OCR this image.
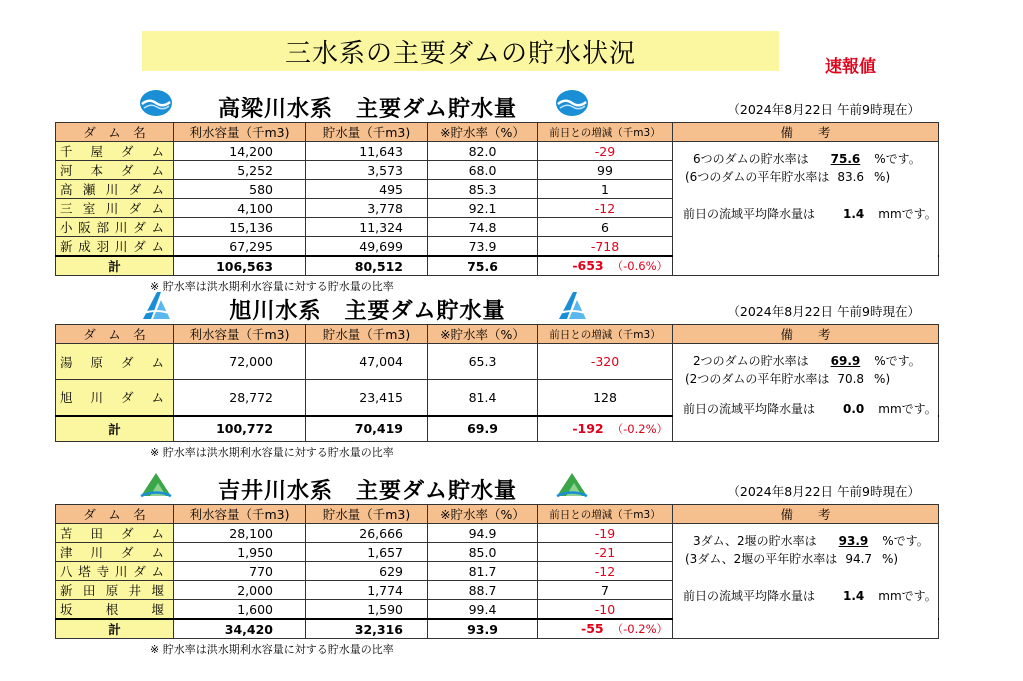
三水系の主要ダムの貯水状況	速報値
高梁川水系　主要ダム貯水量	（2024年8月22日 午前9時現在）
ダ　ム　名	利水容量（千m3)	貯水量（千m3)	※貯水率（%）	前日との増減（千m3）	備　　考	
千屋ダム	14,200	11,643	82.0	-29	6つのダムの貯水率は 75.6 %です。
(6つのダムの平年貯水率は 83.6 %)
前日の流域平均降水量は 1.4 mmです。	

河本ダム	5,252	3,573	68.0	99		
高瀬川ダム	580	495	85.3	1		
三室川ダム	4,100	3,778	92.1	-12		
小阪部川ダム	15,136	11,324	74.8	6		
新成羽川ダム	67,295	49,699	73.9	-718		
計	106,563	80,512	75.6	-653 （-0.6%）		
※ 貯水率は洪水期利水容量に対する貯水量の比率
旭川水系　主要ダム貯水量	（2024年8月22日 午前9時現在）
ダ　ム　名	利水容量（千m3)	貯水量（千m3)	※貯水率（%）	前日との増減（千m3）	備　　考	
湯原ダム	72,000	47,004	65.3	-320	2つのダムの貯水率は 69.9 %です。
(2つのダムの平年貯水率は 70.8 %)
前日の流域平均降水量は 0.0 mmです。	

旭川ダム	28,772	23,415	81.4	128		
計	100,772	70,419	69.9	-192 （-0.2%）		
※ 貯水率は洪水期利水容量に対する貯水量の比率
吉井川水系　主要ダム貯水量	（2024年8月22日 午前9時現在）
ダ　ム　名	利水容量（千m3)	貯水量（千m3)	※貯水率（%）	前日との増減（千m3）	備　　考	
苫田ダム	28,100	26,666	94.9	-19	3ダム、2堰の貯水率は 93.9 %です。
(3ダム、2堰の平年貯水率は 94.7 %)
前日の流域平均降水量は 1.4 mmです。	

津川ダム	1,950	1,657	85.0	-21		
八塔寺川ダム	770	629	81.7	-12		
新田原井堰	2,000	1,774	88.7	7		
坂根堰	1,600	1,590	99.4	-10		
計	34,420	32,316	93.9	-55 （-0.2%）		
※ 貯水率は洪水期利水容量に対する貯水量の比率
